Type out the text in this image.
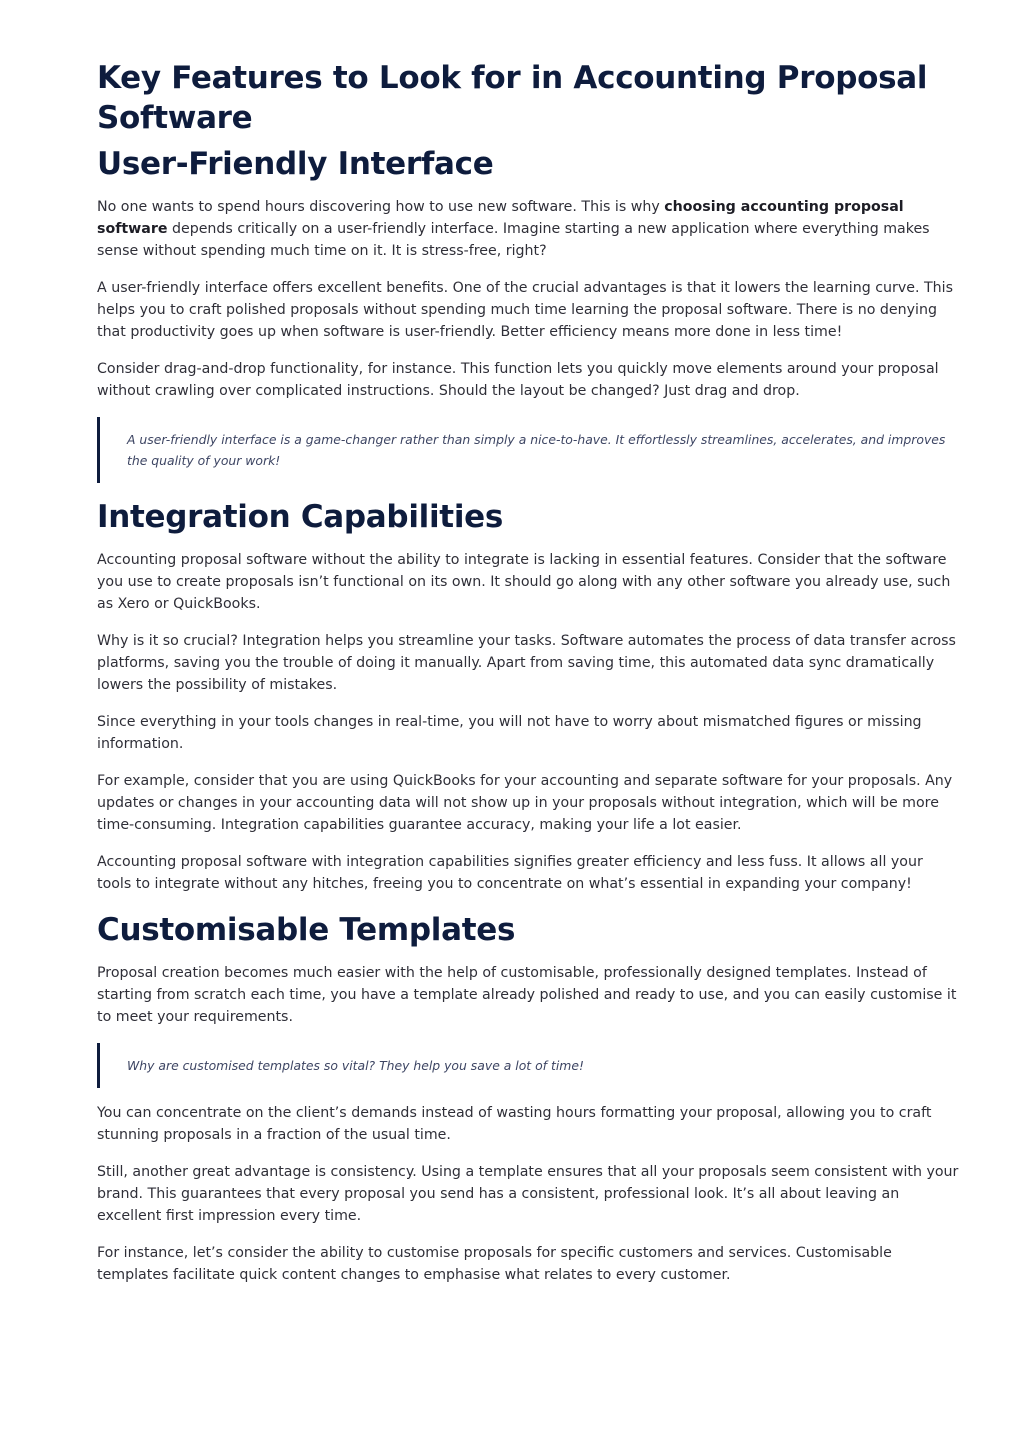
Key Features to Look for in Accounting Proposal Software
User-Friendly Interface

No one wants to spend hours discovering how to use new software. This is why choosing accounting proposal software depends critically on a user-friendly interface. Imagine starting a new application where everything makes sense without spending much time on it. It is stress-free, right?

A user-friendly interface offers excellent benefits. One of the crucial advantages is that it lowers the learning curve. This helps you to craft polished proposals without spending much time learning the proposal software. There is no denying that productivity goes up when software is user-friendly. Better efficiency means more done in less time!

Consider drag-and-drop functionality, for instance. This function lets you quickly move elements around your proposal without crawling over complicated instructions. Should the layout be changed? Just drag and drop.

A user-friendly interface is a game-changer rather than simply a nice-to-have. It effortlessly streamlines, accelerates, and improves the quality of your work!
Integration Capabilities

Accounting proposal software without the ability to integrate is lacking in essential features. Consider that the software you use to create proposals isn’t functional on its own. It should go along with any other software you already use, such as Xero or QuickBooks.

Why is it so crucial? Integration helps you streamline your tasks. Software automates the process of data transfer across platforms, saving you the trouble of doing it manually. Apart from saving time, this automated data sync dramatically lowers the possibility of mistakes.

Since everything in your tools changes in real-time, you will not have to worry about mismatched figures or missing information.

For example, consider that you are using QuickBooks for your accounting and separate software for your proposals. Any updates or changes in your accounting data will not show up in your proposals without integration, which will be more time-consuming. Integration capabilities guarantee accuracy, making your life a lot easier.

Accounting proposal software with integration capabilities signifies greater efficiency and less fuss. It allows all your tools to integrate without any hitches, freeing you to concentrate on what’s essential in expanding your company!

Customisable Templates

Proposal creation becomes much easier with the help of customisable, professionally designed templates. Instead of starting from scratch each time, you have a template already polished and ready to use, and you can easily customise it to meet your requirements.

Why are customised templates so vital? They help you save a lot of time!

You can concentrate on the client’s demands instead of wasting hours formatting your proposal, allowing you to craft stunning proposals in a fraction of the usual time.

Still, another great advantage is consistency. Using a template ensures that all your proposals seem consistent with your brand. This guarantees that every proposal you send has a consistent, professional look. It’s all about leaving an excellent first impression every time.

For instance, let’s consider the ability to customise proposals for specific customers and services. Customisable templates facilitate quick content changes to emphasise what relates to every customer.
